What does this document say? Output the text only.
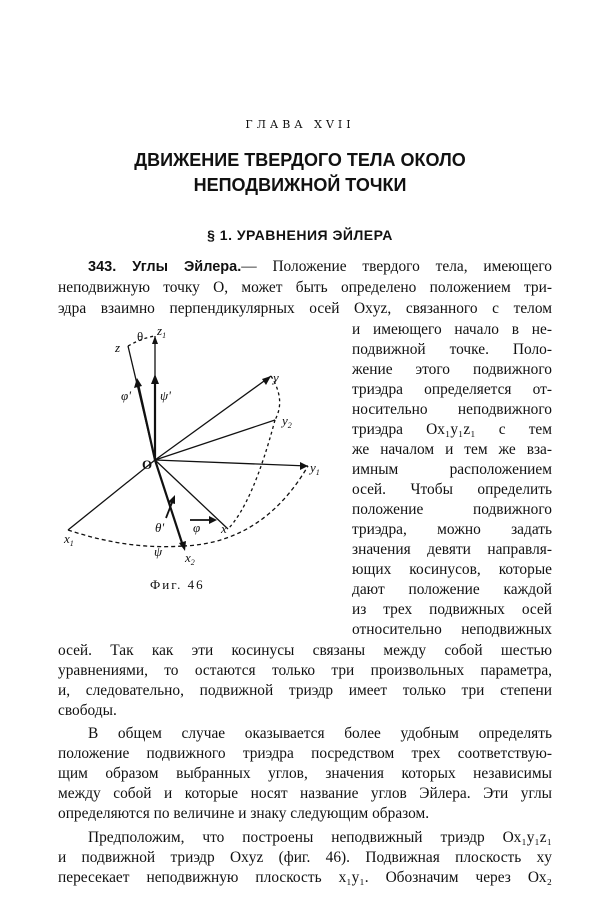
ГЛАВА XVII
ДВИЖЕНИЕ ТВЕРДОГО ТЕЛА ОКОЛО
НЕПОДВИЖНОЙ ТОЧКИ
§ 1. УРАВНЕНИЯ ЭЙЛЕРА
343. Углы Эйлера.— Положение твердого тела, имеющего
неподвижную точку O, может быть определено положением три-
эдра взаимно перпендикулярных осей Oxyz, связанного с телом
и имеющего начало в не-
подвижной точке. Поло-
жение этого подвижного
триэдра определяется от-
носительно неподвижного
триэдра Ox₁y₁z₁ с тем
же началом и тем же вза-
имным расположением
осей. Чтобы определить
положение подвижного
триэдра, можно задать
значения девяти направля-
ющих косинусов, которые
дают положение каждой
из трех подвижных осей
относительно неподвижных
$z_1$
θ
z
φ' ψ'
y
$y_2$
$y_1$
O
$x_1$
θ' φ x
ψ $x_2$
Фиг. 46
осей. Так как эти косинусы связаны между собой шестью
уравнениями, то остаются только три произвольных параметра,
и, следовательно, подвижной триэдр имеет только три степени
свободы.
В общем случае оказывается более удобным определять
положение подвижного триэдра посредством трех соответствую-
щим образом выбранных углов, значения которых независимы
между собой и которые носят название углов Эйлера. Эти углы
определяются по величине и знаку следующим образом.
Предположим, что построены неподвижный триэдр Ox₁y₁z₁
и подвижной триэдр Oxyz (фиг. 46). Подвижная плоскость xy
пересекает неподвижную плоскость x₁y₁. Обозначим через Ox₂
